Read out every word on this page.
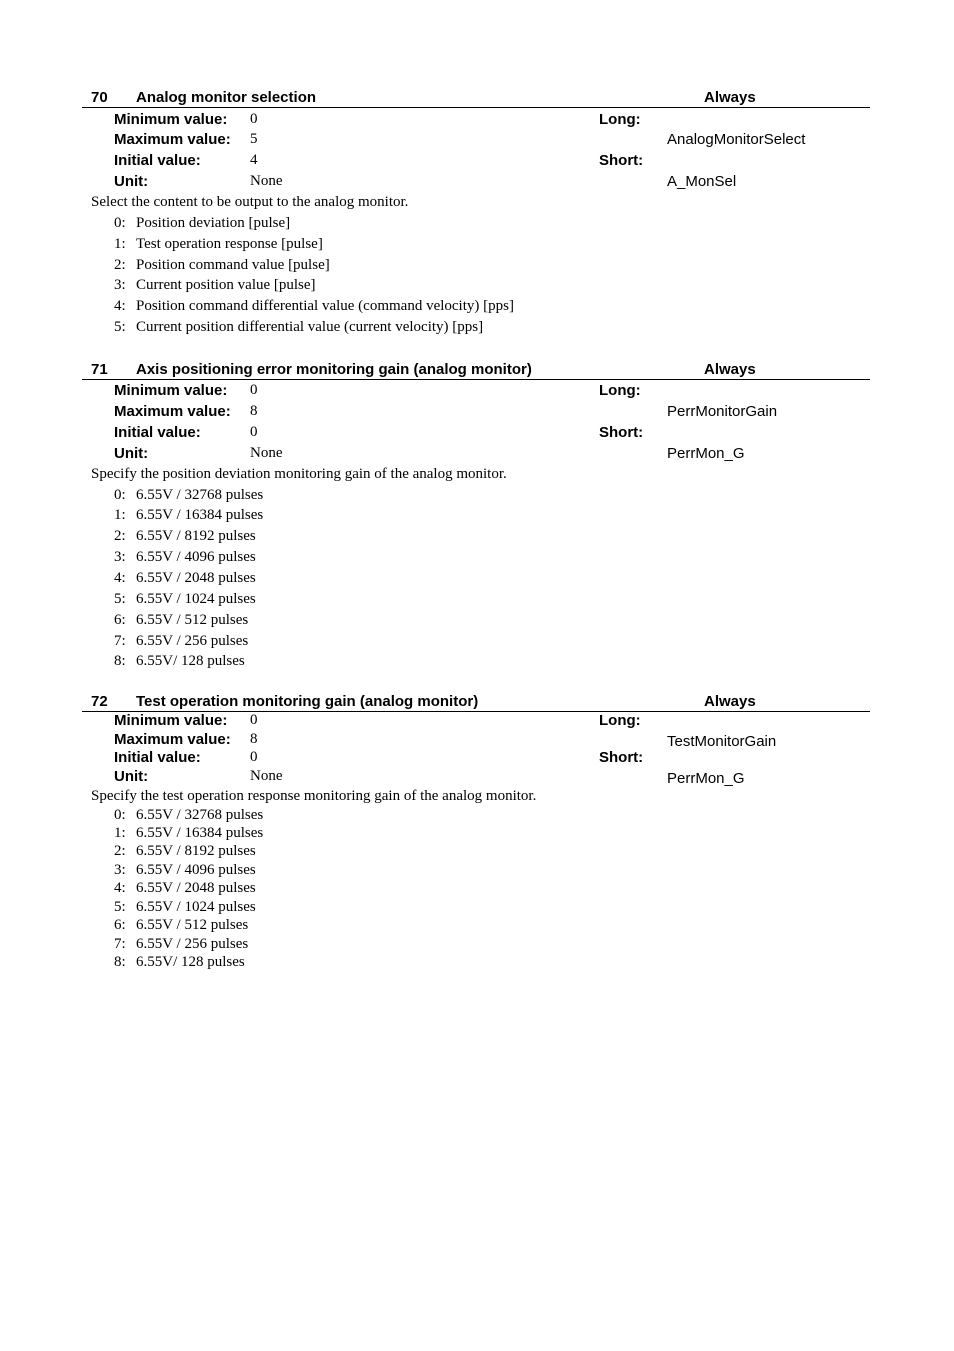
70 Analog monitor selection	Always
Minimum value: 0
Maximum value: 5
Initial value:	4
Unit:	None
Long:
AnalogMonitorSelect
Short:
A_MonSel
Select the content to be output to the analog monitor.
0: Position deviation [pulse]
1: Test operation response [pulse]
2: Position command value [pulse]
3: Current position value [pulse]
4: Position command differential value (command velocity) [pps]
5: Current position differential value (current velocity) [pps]
71 Axis positioning error monitoring gain (analog monitor)	Always
Minimum value: 0
Maximum value: 8
Initial value:	0
Unit:	None
Long:
PerrMonitorGain
Short:
PerrMon_G
Specify the position deviation monitoring gain of the analog monitor.
0: 6.55V / 32768 pulses
1: 6.55V / 16384 pulses
2: 6.55V / 8192 pulses
3: 6.55V / 4096 pulses
4: 6.55V / 2048 pulses
5: 6.55V / 1024 pulses
6: 6.55V / 512 pulses
7: 6.55V / 256 pulses
8: 6.55V/ 128 pulses
72 Test operation monitoring gain (analog monitor)	Always
Minimum value: 0
Maximum value: 8
Initial value:	0
Unit:	None
Long:
TestMonitorGain
Short:
PerrMon_G
Specify the test operation response monitoring gain of the analog monitor.
0: 6.55V / 32768 pulses
1: 6.55V / 16384 pulses
2: 6.55V / 8192 pulses
3: 6.55V / 4096 pulses
4: 6.55V / 2048 pulses
5: 6.55V / 1024 pulses
6: 6.55V / 512 pulses
7: 6.55V / 256 pulses
8: 6.55V/ 128 pulses
